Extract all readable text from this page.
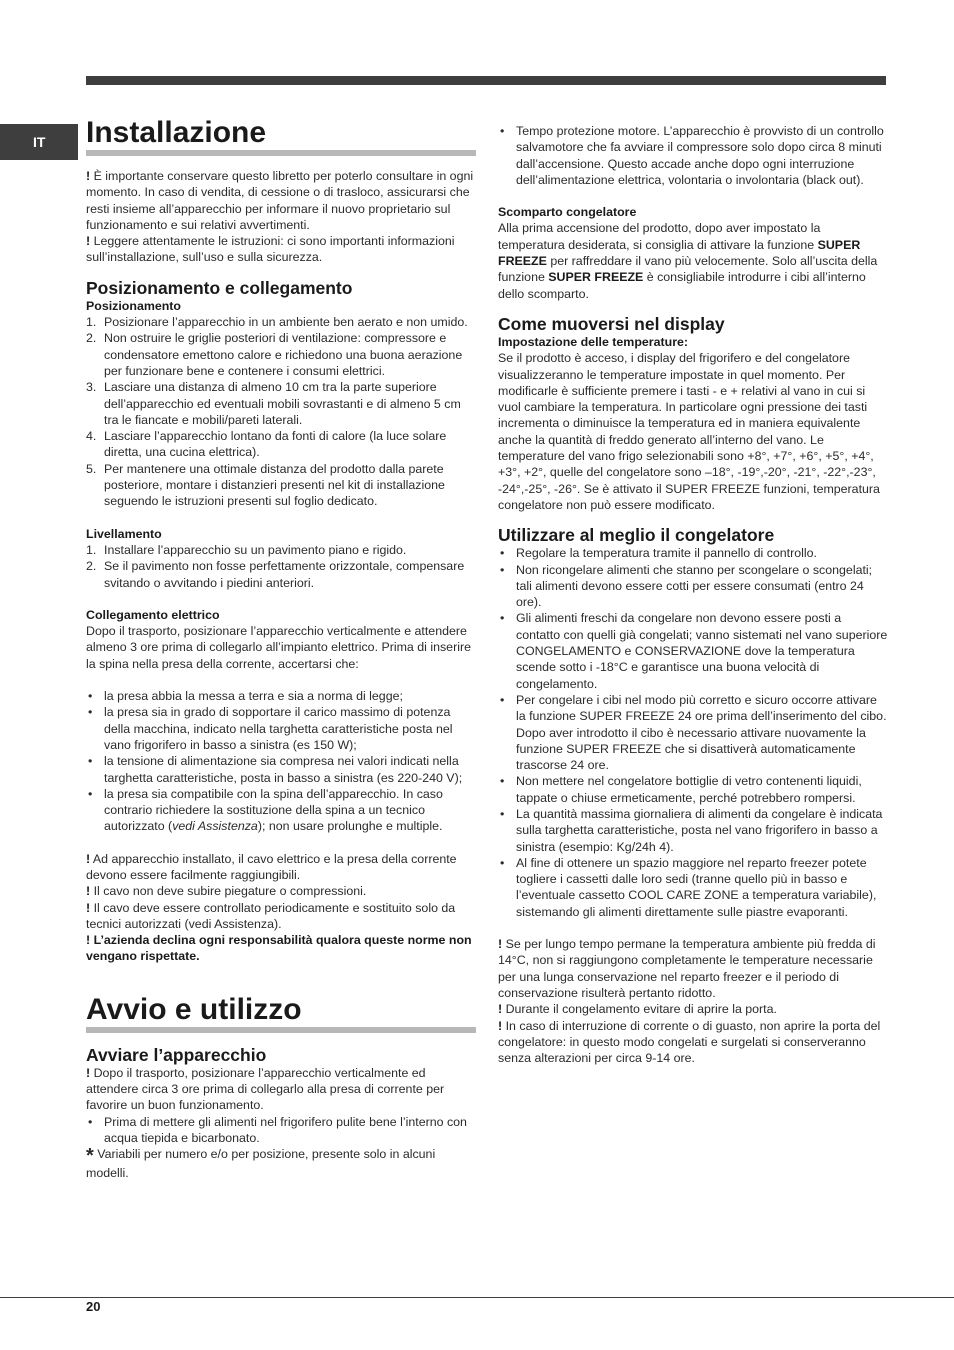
IT	Installazione

! È importante conservare questo libretto per poterlo consultare in ogni momento. In caso di vendita, di cessione o di trasloco, assicurarsi che resti insieme all’apparecchio per informare il nuovo proprietario sul funzionamento e sui relativi avvertimenti.

! Leggere attentamente le istruzioni: ci sono importanti informazioni sull’installazione, sull’uso e sulla sicurezza.

Posizionamento e collegamento
Posizionamento
1. Posizionare l’apparecchio in un ambiente ben aerato e non umido.
2. Non ostruire le griglie posteriori di ventilazione: compressore e condensatore emettono calore e richiedono una buona aerazione per funzionare bene e contenere i consumi elettrici.
3. Lasciare una distanza di almeno 10 cm tra la parte superiore dell’apparecchio ed eventuali mobili sovrastanti e di almeno 5 cm tra le fiancate e mobili/pareti laterali.
4. Lasciare l’apparecchio lontano da fonti di calore (la luce solare diretta, una cucina elettrica).
5. Per mantenere una ottimale distanza del prodotto dalla parete posteriore, montare i distanzieri presenti nel kit di installazione seguendo le istruzioni presenti sul foglio dedicato.
Livellamento
1. Installare l’apparecchio su un pavimento piano e rigido.
2. Se il pavimento non fosse perfettamente orizzontale, compensare svitando o avvitando i piedini anteriori.
Collegamento elettrico

Dopo il trasporto, posizionare l’apparecchio verticalmente e attendere almeno 3 ore prima di collegarlo all’impianto elettrico. Prima di inserire la spina nella presa della corrente, accertarsi che:

• la presa abbia la messa a terra e sia a norma di legge;
• la presa sia in grado di sopportare il carico massimo di potenza della macchina, indicato nella targhetta caratteristiche posta nel vano frigorifero in basso a sinistra (es 150 W);
• la tensione di alimentazione sia compresa nei valori indicati nella targhetta caratteristiche, posta in basso a sinistra (es 220-240 V);
• la presa sia compatibile con la spina dell’apparecchio. In caso contrario richiedere la sostituzione della spina a un tecnico autorizzato (vedi Assistenza); non usare prolunghe e multiple.

! Ad apparecchio installato, il cavo elettrico e la presa della corrente devono essere facilmente raggiungibili.

! Il cavo non deve subire piegature o compressioni.

! Il cavo deve essere controllato periodicamente e sostituito solo da tecnici autorizzati (vedi Assistenza).

! L’azienda declina ogni responsabilità qualora queste norme non vengano rispettate.

Avvio e utilizzo
Avviare l’apparecchio

! Dopo il trasporto, posizionare l’apparecchio verticalmente ed attendere circa 3 ore prima di collegarlo alla presa di corrente per favorire un buon funzionamento.

• Prima di mettere gli alimenti nel frigorifero pulite bene l’interno con acqua tiepida e bicarbonato.

* Variabili per numero e/o per posizione, presente solo in alcuni modelli.

• Tempo protezione motore. L’apparecchio è provvisto di un controllo salvamotore che fa avviare il compressore solo dopo circa 8 minuti dall’accensione. Questo accade anche dopo ogni interruzione dell’alimentazione elettrica, volontaria o involontaria (black out).
Scomparto congelatore

Alla prima accensione del prodotto, dopo aver impostato la temperatura desiderata, si consiglia di attivare la funzione SUPER FREEZE per raffreddare il vano più velocemente. Solo all’uscita della funzione SUPER FREEZE è consigliabile introdurre i cibi all’interno dello scomparto.

Come muoversi nel display
Impostazione delle temperature:

Se il prodotto è acceso, i display del frigorifero e del congelatore visualizzeranno le temperature impostate in quel momento. Per modificarle è sufficiente premere i tasti - e + relativi al vano in cui si vuol cambiare la temperatura. In particolare ogni pressione dei tasti incrementa o diminuisce la temperatura ed in maniera equivalente anche la quantità di freddo generato all’interno del vano. Le temperature del vano frigo selezionabili sono +8°, +7°, +6°, +5°, +4°, +3°, +2°, quelle del congelatore sono –18°, -19°,-20°, -21°, -22°,-23°, -24°,-25°, -26°. Se è attivato il SUPER FREEZE funzioni, temperatura congelatore non può essere modificato.

Utilizzare al meglio il congelatore
• Regolare la temperatura tramite il pannello di controllo.
• Non ricongelare alimenti che stanno per scongelare o scongelati; tali alimenti devono essere cotti per essere consumati (entro 24 ore).
• Gli alimenti freschi da congelare non devono essere posti a contatto con quelli già congelati; vanno sistemati nel vano superiore CONGELAMENTO e CONSERVAZIONE dove la temperatura scende sotto i -18°C e garantisce una buona velocità di congelamento.
• Per congelare i cibi nel modo più corretto e sicuro occorre attivare la funzione SUPER FREEZE 24 ore prima dell’inserimento del cibo. Dopo aver introdotto il cibo è necessario attivare nuovamente la funzione SUPER FREEZE che si disattiverà automaticamente trascorse 24 ore.
• Non mettere nel congelatore bottiglie di vetro contenenti liquidi, tappate o chiuse ermeticamente, perché potrebbero rompersi.
• La quantità massima giornaliera di alimenti da congelare è indicata sulla targhetta caratteristiche, posta nel vano frigorifero in basso a sinistra (esempio: Kg/24h 4).
• Al fine di ottenere un spazio maggiore nel reparto freezer potete togliere i cassetti dalle loro sedi (tranne quello più in basso e l’eventuale cassetto COOL CARE ZONE a temperatura variabile), sistemando gli alimenti direttamente sulle piastre evaporanti.

! Se per lungo tempo permane la temperatura ambiente più fredda di 14°C, non si raggiungono completamente le temperature necessarie per una lunga conservazione nel reparto freezer e il periodo di conservazione risulterà pertanto ridotto.

! Durante il congelamento evitare di aprire la porta.

! In caso di interruzione di corrente o di guasto, non aprire la porta del congelatore: in questo modo congelati e surgelati si conserveranno senza alterazioni per circa 9-14 ore.

20
